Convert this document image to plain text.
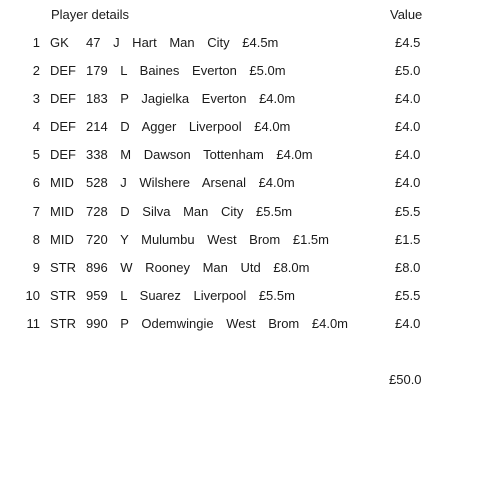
Player details	Value
1 GK 47 J Hart Man City £4.5m	£4.5
2 DEF 179 L Baines Everton £5.0m	£5.0
3 DEF 183 P Jagielka Everton £4.0m	£4.0
4 DEF 214 D Agger Liverpool £4.0m	£4.0
5 DEF 338 M Dawson Tottenham £4.0m	£4.0
6 MID 528 J Wilshere Arsenal £4.0m	£4.0
7 MID 728 D Silva Man City £5.5m	£5.5
8 MID 720 Y Mulumbu West Brom £1.5m	£1.5
9 STR 896 W Rooney Man Utd £8.0m	£8.0
10 STR 959 L Suarez Liverpool £5.5m	£5.5
11 STR 990 P Odemwingie West Brom £4.0m	£4.0
£50.0
